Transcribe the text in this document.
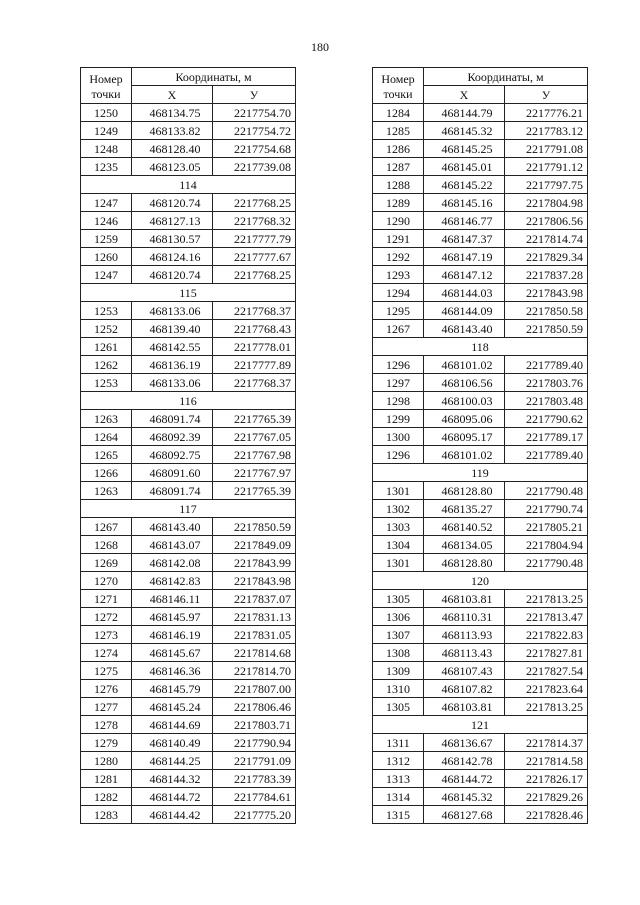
180
Номер
точки	Координаты, м	
	X	У
1250	468134.75	2217754.70
1249	468133.82	2217754.72
1248	468128.40	2217754.68
1235	468123.05	2217739.08
114		
1247	468120.74	2217768.25
1246	468127.13	2217768.32
1259	468130.57	2217777.79
1260	468124.16	2217777.67
1247	468120.74	2217768.25
115		
1253	468133.06	2217768.37
1252	468139.40	2217768.43
1261	468142.55	2217778.01
1262	468136.19	2217777.89
1253	468133.06	2217768.37
116		
1263	468091.74	2217765.39
1264	468092.39	2217767.05
1265	468092.75	2217767.98
1266	468091.60	2217767.97
1263	468091.74	2217765.39
117		
1267	468143.40	2217850.59
1268	468143.07	2217849.09
1269	468142.08	2217843.99
1270	468142.83	2217843.98
1271	468146.11	2217837.07
1272	468145.97	2217831.13
1273	468146.19	2217831.05
1274	468145.67	2217814.68
1275	468146.36	2217814.70
1276	468145.79	2217807.00
1277	468145.24	2217806.46
1278	468144.69	2217803.71
1279	468140.49	2217790.94
1280	468144.25	2217791.09
1281	468144.32	2217783.39
1282	468144.72	2217784.61
1283	468144.42	2217775.20
Номер
точки	Координаты, м	
	X	У
1284	468144.79	2217776.21
1285	468145.32	2217783.12
1286	468145.25	2217791.08
1287	468145.01	2217791.12
1288	468145.22	2217797.75
1289	468145.16	2217804.98
1290	468146.77	2217806.56
1291	468147.37	2217814.74
1292	468147.19	2217829.34
1293	468147.12	2217837.28
1294	468144.03	2217843.98
1295	468144.09	2217850.58
1267	468143.40	2217850.59
118		
1296	468101.02	2217789.40
1297	468106.56	2217803.76
1298	468100.03	2217803.48
1299	468095.06	2217790.62
1300	468095.17	2217789.17
1296	468101.02	2217789.40
119		
1301	468128.80	2217790.48
1302	468135.27	2217790.74
1303	468140.52	2217805.21
1304	468134.05	2217804.94
1301	468128.80	2217790.48
120		
1305	468103.81	2217813.25
1306	468110.31	2217813.47
1307	468113.93	2217822.83
1308	468113.43	2217827.81
1309	468107.43	2217827.54
1310	468107.82	2217823.64
1305	468103.81	2217813.25
121		
1311	468136.67	2217814.37
1312	468142.78	2217814.58
1313	468144.72	2217826.17
1314	468145.32	2217829.26
1315	468127.68	2217828.46
